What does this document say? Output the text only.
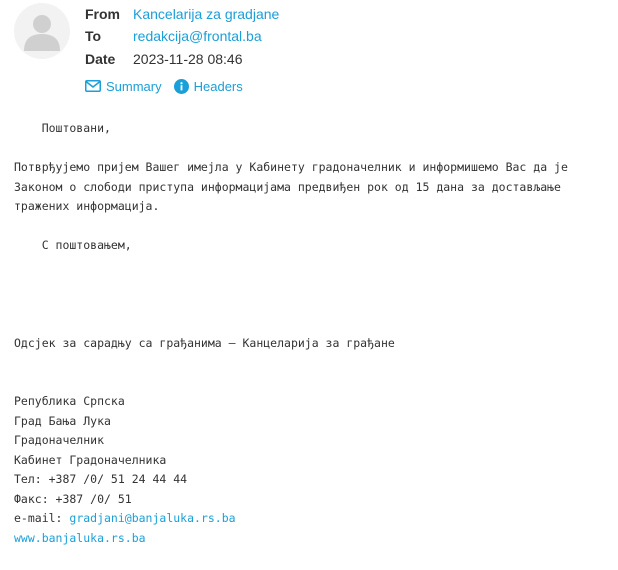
From Kancelarija za gradjane
To redakcija@frontal.ba
Date 2023-11-28 08:46
Summary Headers
Поштовани,

Потврђујемо пријем Вашег имејла у Кабинету градоначелник и информишемо Вас да је
Законом о слободи приступа информацијама предвиђен рок од 15 дана за достављање
тражених информација.

С поштовањем,

Одсјек за сарадњу са грађанима – Канцеларија за грађане

Република Српска
Град Бања Лука
Градоначелник
Кабинет Градоначелника
Тел: +387 /0/ 51 24 44 44
Факс: +387 /0/ 51
e-mail: gradjani@banjaluka.rs.ba
www.banjaluka.rs.ba
